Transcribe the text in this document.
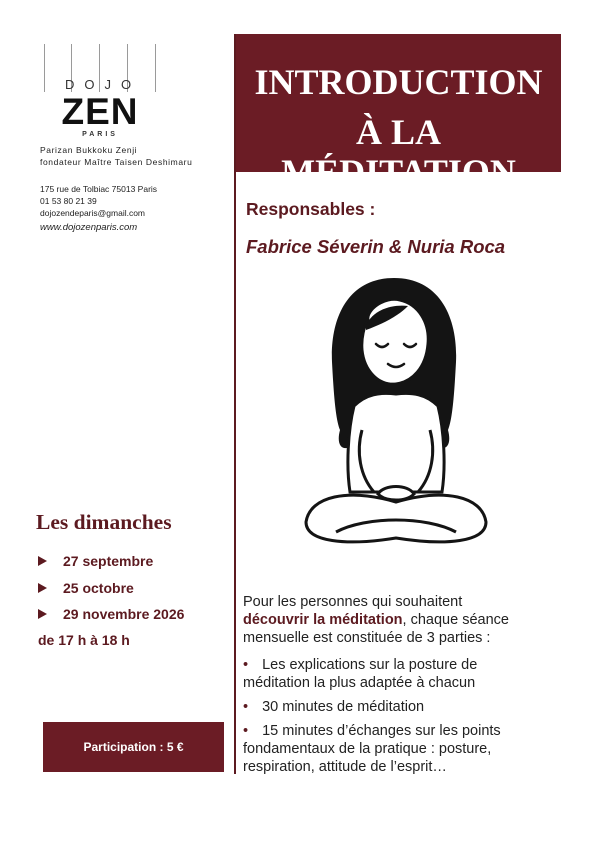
DOJO
ZEN
PARIS
Parizan Bukkoku Zenji
fondateur Maître Taisen Deshimaru
175 rue de Tolbiac 75013 Paris
01 53 80 21 39
dojozendeparis@gmail.com
www.dojozenparis.com
INTRODUCTION
À LA MÉDITATION
Responsables :
Fabrice Séverin & Nuria Roca
Les dimanches
27 septembre
25 octobre
29 novembre 2026
de 17 h à 18 h
Participation : 5 €
Pour les personnes qui souhaitent
découvrir la méditation, chaque séance
mensuelle est constituée de 3 parties :
• Les explications sur la posture de
méditation la plus adaptée à chacun
• 30 minutes de méditation
• 15 minutes d’échanges sur les points
fondamentaux de la pratique : posture,
respiration, attitude de l’esprit…
